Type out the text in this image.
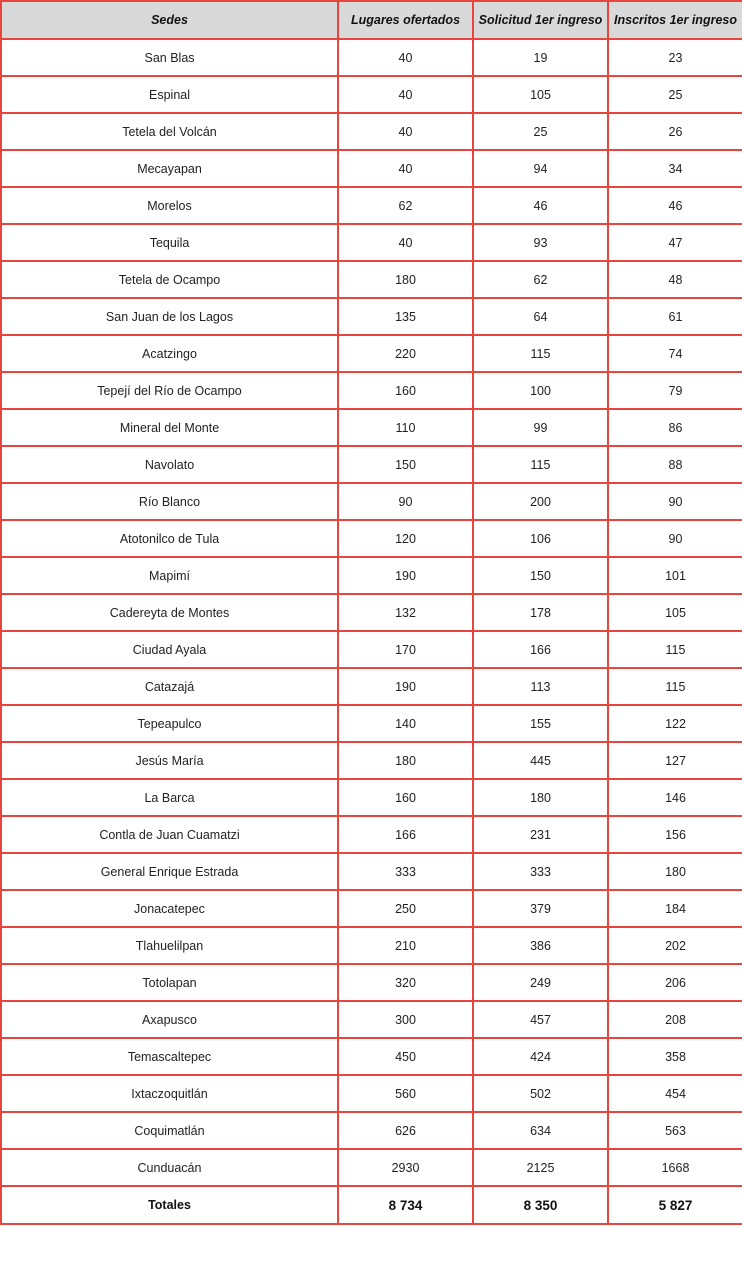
Sedes	Lugares ofertados	Solicitud 1er ingreso	Inscritos 1er ingreso
San Blas	40	19	23
Espinal	40	105	25
Tetela del Volcán	40	25	26
Mecayapan	40	94	34
Morelos	62	46	46
Tequila	40	93	47
Tetela de Ocampo	180	62	48
San Juan de los Lagos	135	64	61
Acatzingo	220	115	74
Tepejí del Río de Ocampo	160	100	79
Mineral del Monte	110	99	86
Navolato	150	115	88
Río Blanco	90	200	90
Atotonilco de Tula	120	106	90
Mapimí	190	150	101
Cadereyta de Montes	132	178	105
Ciudad Ayala	170	166	115
Catazajá	190	113	115
Tepeapulco	140	155	122
Jesús María	180	445	127
La Barca	160	180	146
Contla de Juan Cuamatzi	166	231	156
General Enrique Estrada	333	333	180
Jonacatepec	250	379	184
Tlahuelilpan	210	386	202
Totolapan	320	249	206
Axapusco	300	457	208
Temascaltepec	450	424	358
Ixtaczoquitlán	560	502	454
Coquimatlán	626	634	563
Cunduacán	2930	2125	1668
Totales	8 734	8 350	5 827
